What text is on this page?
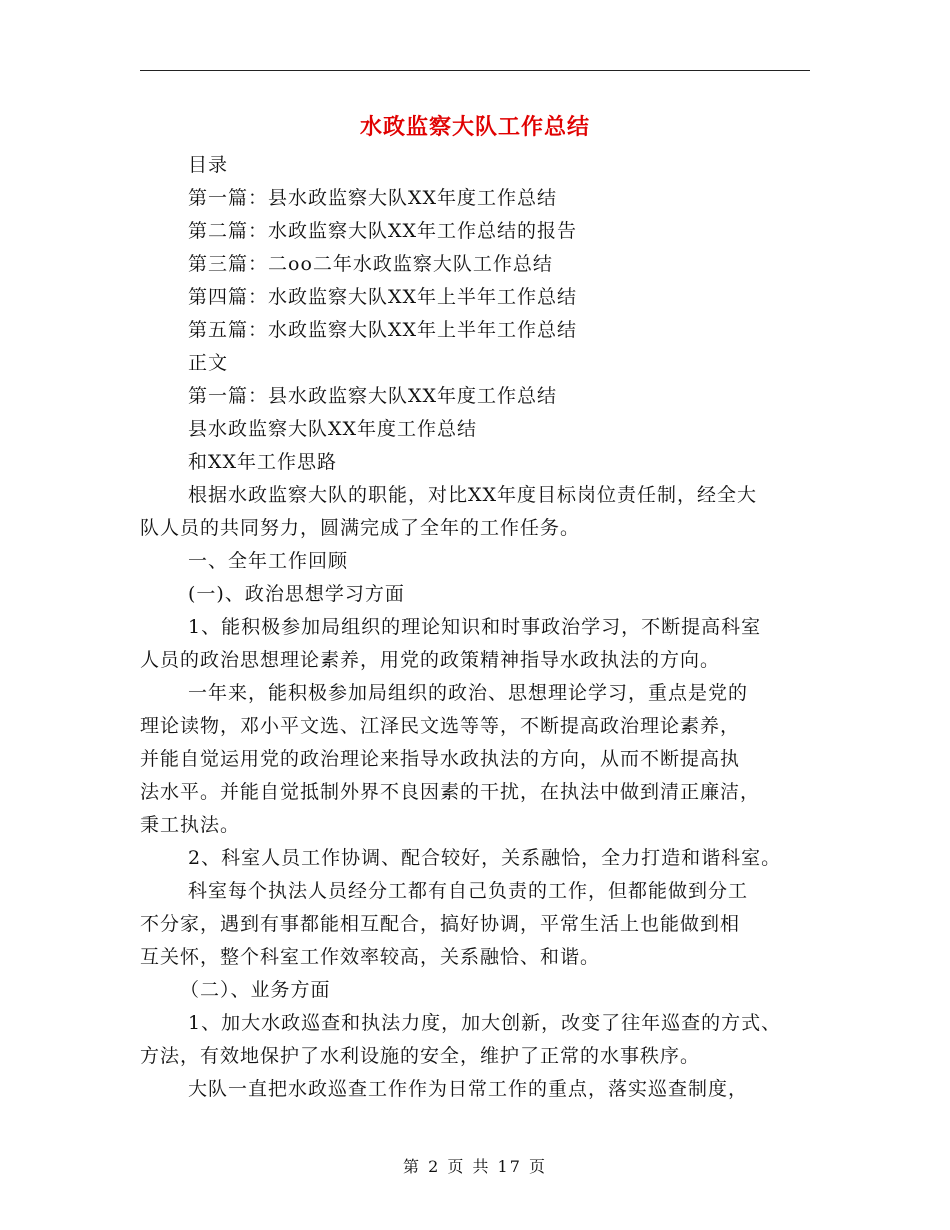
水政监察大队工作总结
目录
第一篇：县水政监察大队XX年度工作总结
第二篇：水政监察大队XX年工作总结的报告
第三篇：二oo二年水政监察大队工作总结
第四篇：水政监察大队XX年上半年工作总结
第五篇：水政监察大队XX年上半年工作总结
正文
第一篇：县水政监察大队XX年度工作总结
县水政监察大队XX年度工作总结
和XX年工作思路
根据水政监察大队的职能，对比XX年度目标岗位责任制，经全大
队人员的共同努力，圆满完成了全年的工作任务。
一、全年工作回顾
(一)、政治思想学习方面
1、能积极参加局组织的理论知识和时事政治学习，不断提高科室
人员的政治思想理论素养，用党的政策精神指导水政执法的方向。
一年来，能积极参加局组织的政治、思想理论学习，重点是党的
理论读物，邓小平文选、江泽民文选等等，不断提高政治理论素养，
并能自觉运用党的政治理论来指导水政执法的方向，从而不断提高执
法水平。并能自觉抵制外界不良因素的干扰，在执法中做到清正廉洁，
秉工执法。
2、科室人员工作协调、配合较好，关系融恰，全力打造和谐科室。
科室每个执法人员经分工都有自己负责的工作，但都能做到分工
不分家，遇到有事都能相互配合，搞好协调，平常生活上也能做到相
互关怀，整个科室工作效率较高，关系融恰、和谐。
（二）、业务方面
1、加大水政巡查和执法力度，加大创新，改变了往年巡查的方式、
方法，有效地保护了水利设施的安全，维护了正常的水事秩序。
大队一直把水政巡查工作作为日常工作的重点，落实巡查制度，
第 2 页 共 17 页
